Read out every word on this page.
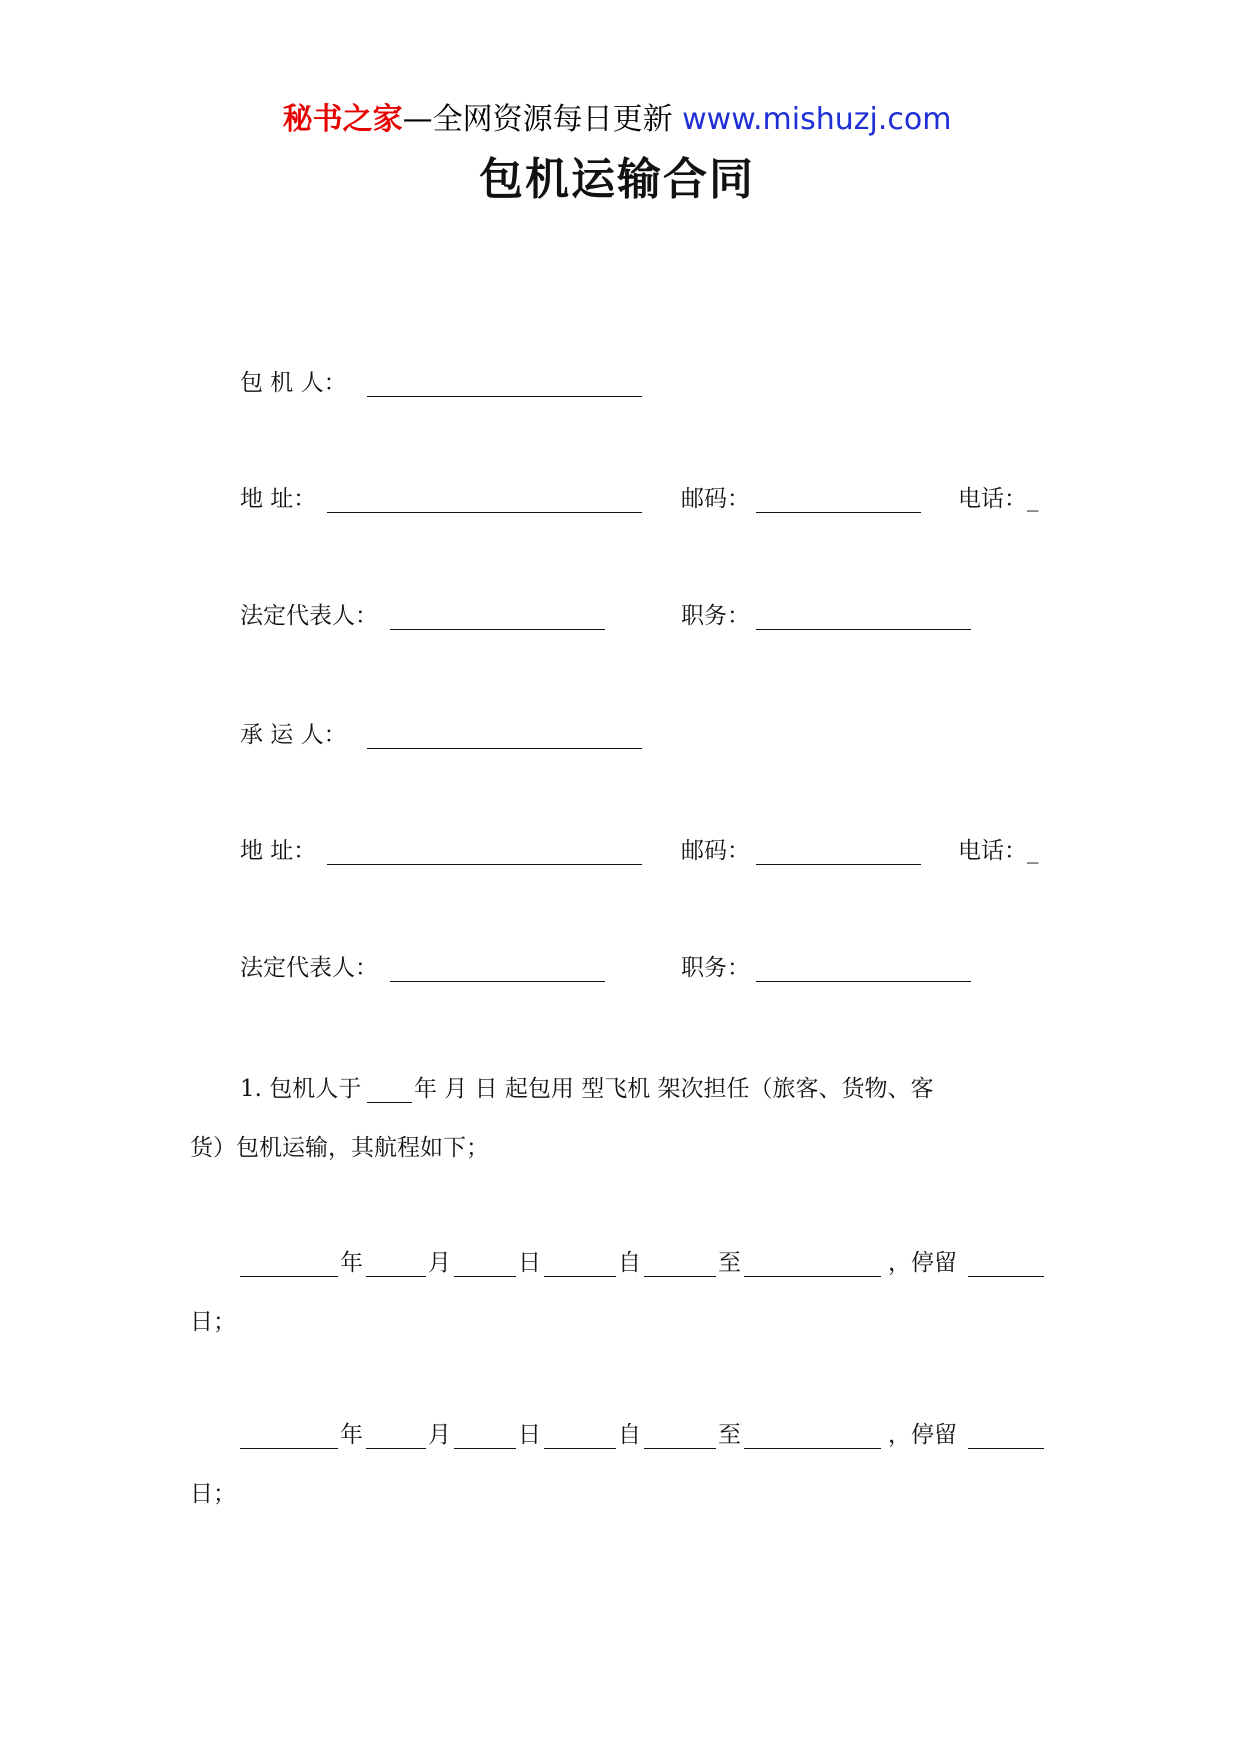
秘书之家—全网资源每日更新 www.mishuzj.com
包机运输合同
包 机 人：
地 址：	邮码：	电话：_
法定代表人：	职务：
承 运 人：
地 址：	邮码：	电话：_
法定代表人：	职务：
1. 包机人于 年 月 日 起包用 型飞机 架次担任（旅客、货物、客
货）包机运输，其航程如下；
年	月	日	自	至	，停留
日；
年	月	日	自	至	，停留
日；
